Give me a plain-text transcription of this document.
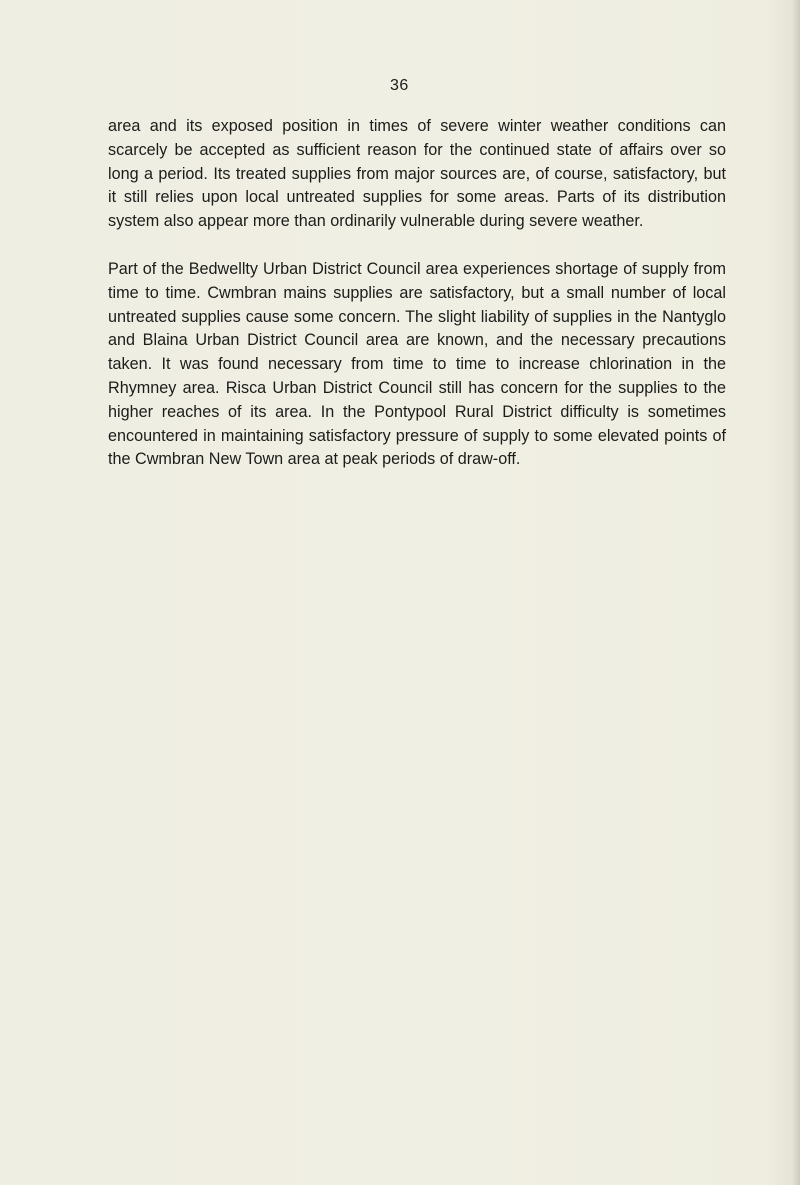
36

area and its exposed position in times of severe winter weather conditions can scarcely be accepted as sufficient reason for the continued state of affairs over so long a period. Its treated supplies from major sources are, of course, satisfactory, but it still relies upon local untreated supplies for some areas. Parts of its distribution system also appear more than ordinarily vulnerable during severe weather.

Part of the Bedwellty Urban District Council area experiences shortage of supply from time to time. Cwmbran mains supplies are satisfactory, but a small number of local untreated supplies cause some concern. The slight liability of supplies in the Nantyglo and Blaina Urban District Council area are known, and the necessary precautions taken. It was found necessary from time to time to increase chlorination in the Rhymney area. Risca Urban District Council still has concern for the supplies to the higher reaches of its area. In the Pontypool Rural District difficulty is sometimes encountered in maintaining satisfactory pressure of supply to some elevated points of the Cwmbran New Town area at peak periods of draw-off.
